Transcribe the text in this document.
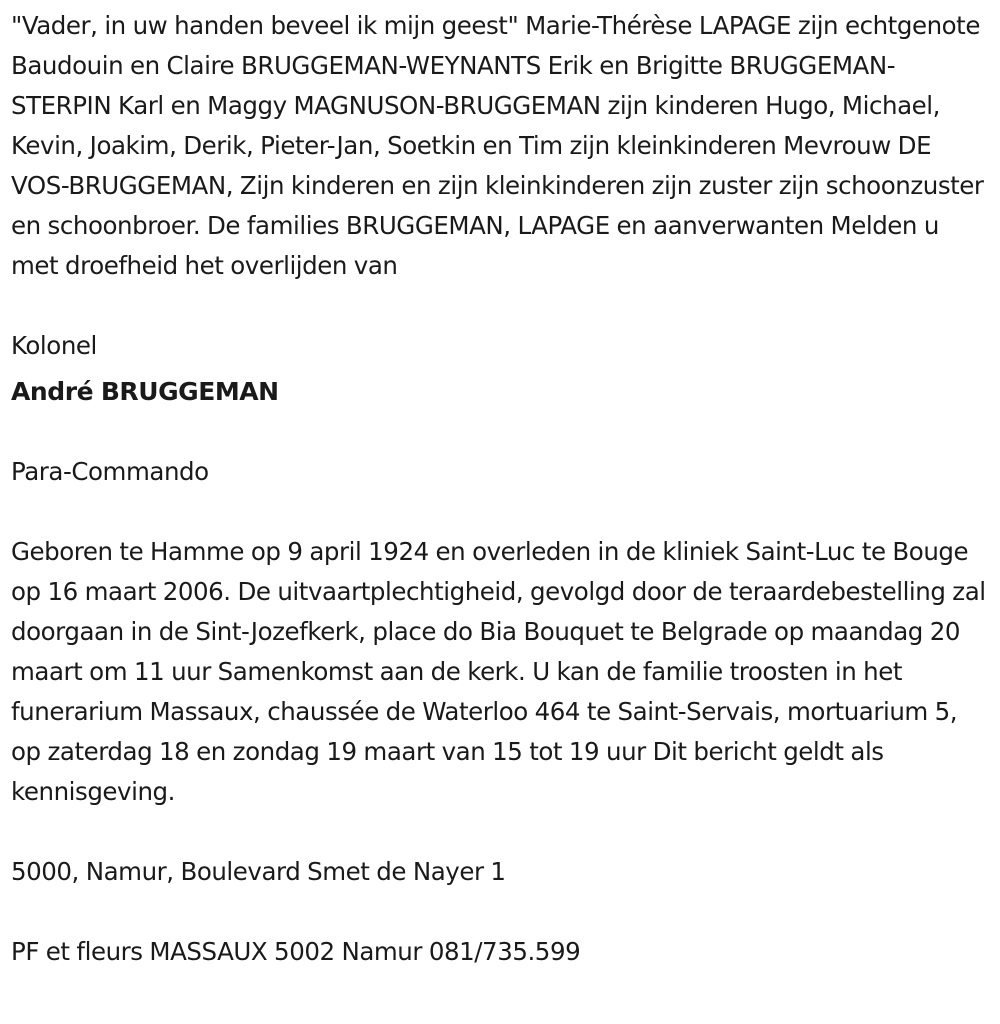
"Vader, in uw handen beveel ik mijn geest" Marie-Thérèse LAPAGE zijn echtgenote Baudouin en Claire BRUGGEMAN-WEYNANTS Erik en Brigitte BRUGGEMAN-STERPIN Karl en Maggy MAGNUSON-BRUGGEMAN zijn kinderen Hugo, Michael, Kevin, Joakim, Derik, Pieter-Jan, Soetkin en Tim zijn kleinkinderen Mevrouw DE VOS-BRUGGEMAN, Zijn kinderen en zijn kleinkinderen zijn zuster zijn schoonzuster en schoonbroer. De families BRUGGEMAN, LAPAGE en aanverwanten Melden u met droefheid het overlijden van

Kolonel

André BRUGGEMAN

Para-Commando

Geboren te Hamme op 9 april 1924 en overleden in de kliniek Saint-Luc te Bouge op 16 maart 2006. De uitvaartplechtigheid, gevolgd door de teraardebestelling zal doorgaan in de Sint-Jozefkerk, place do Bia Bouquet te Belgrade op maandag 20 maart om 11 uur Samenkomst aan de kerk. U kan de familie troosten in het funerarium Massaux, chaussée de Waterloo 464 te Saint-Servais, mortuarium 5, op zaterdag 18 en zondag 19 maart van 15 tot 19 uur Dit bericht geldt als kennisgeving.

5000, Namur, Boulevard Smet de Nayer 1

PF et fleurs MASSAUX 5002 Namur 081/735.599
